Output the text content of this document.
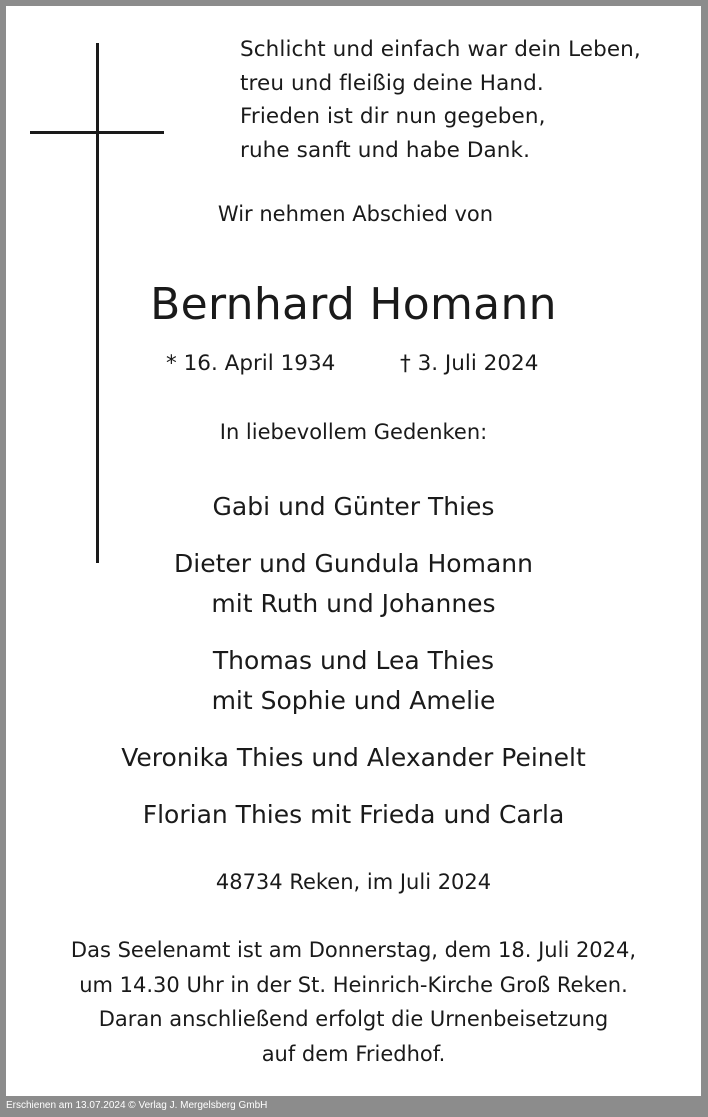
Schlicht und einfach war dein Leben,
treu und fleißig deine Hand.
Frieden ist dir nun gegeben,
ruhe sanft und habe Dank.
Wir nehmen Abschied von
Bernhard Homann
* 16. April 1934	† 3. Juli 2024
In liebevollem Gedenken:
Gabi und Günter Thies
Dieter und Gundula Homann
mit Ruth und Johannes
Thomas und Lea Thies
mit Sophie und Amelie
Veronika Thies und Alexander Peinelt
Florian Thies mit Frieda und Carla
48734 Reken, im Juli 2024
Das Seelenamt ist am Donnerstag, dem 18. Juli 2024,
um 14.30 Uhr in der St. Heinrich-Kirche Groß Reken.
Daran anschließend erfolgt die Urnenbeisetzung
auf dem Friedhof.
Erschienen am 13.07.2024 © Verlag J. Mergelsberg GmbH
